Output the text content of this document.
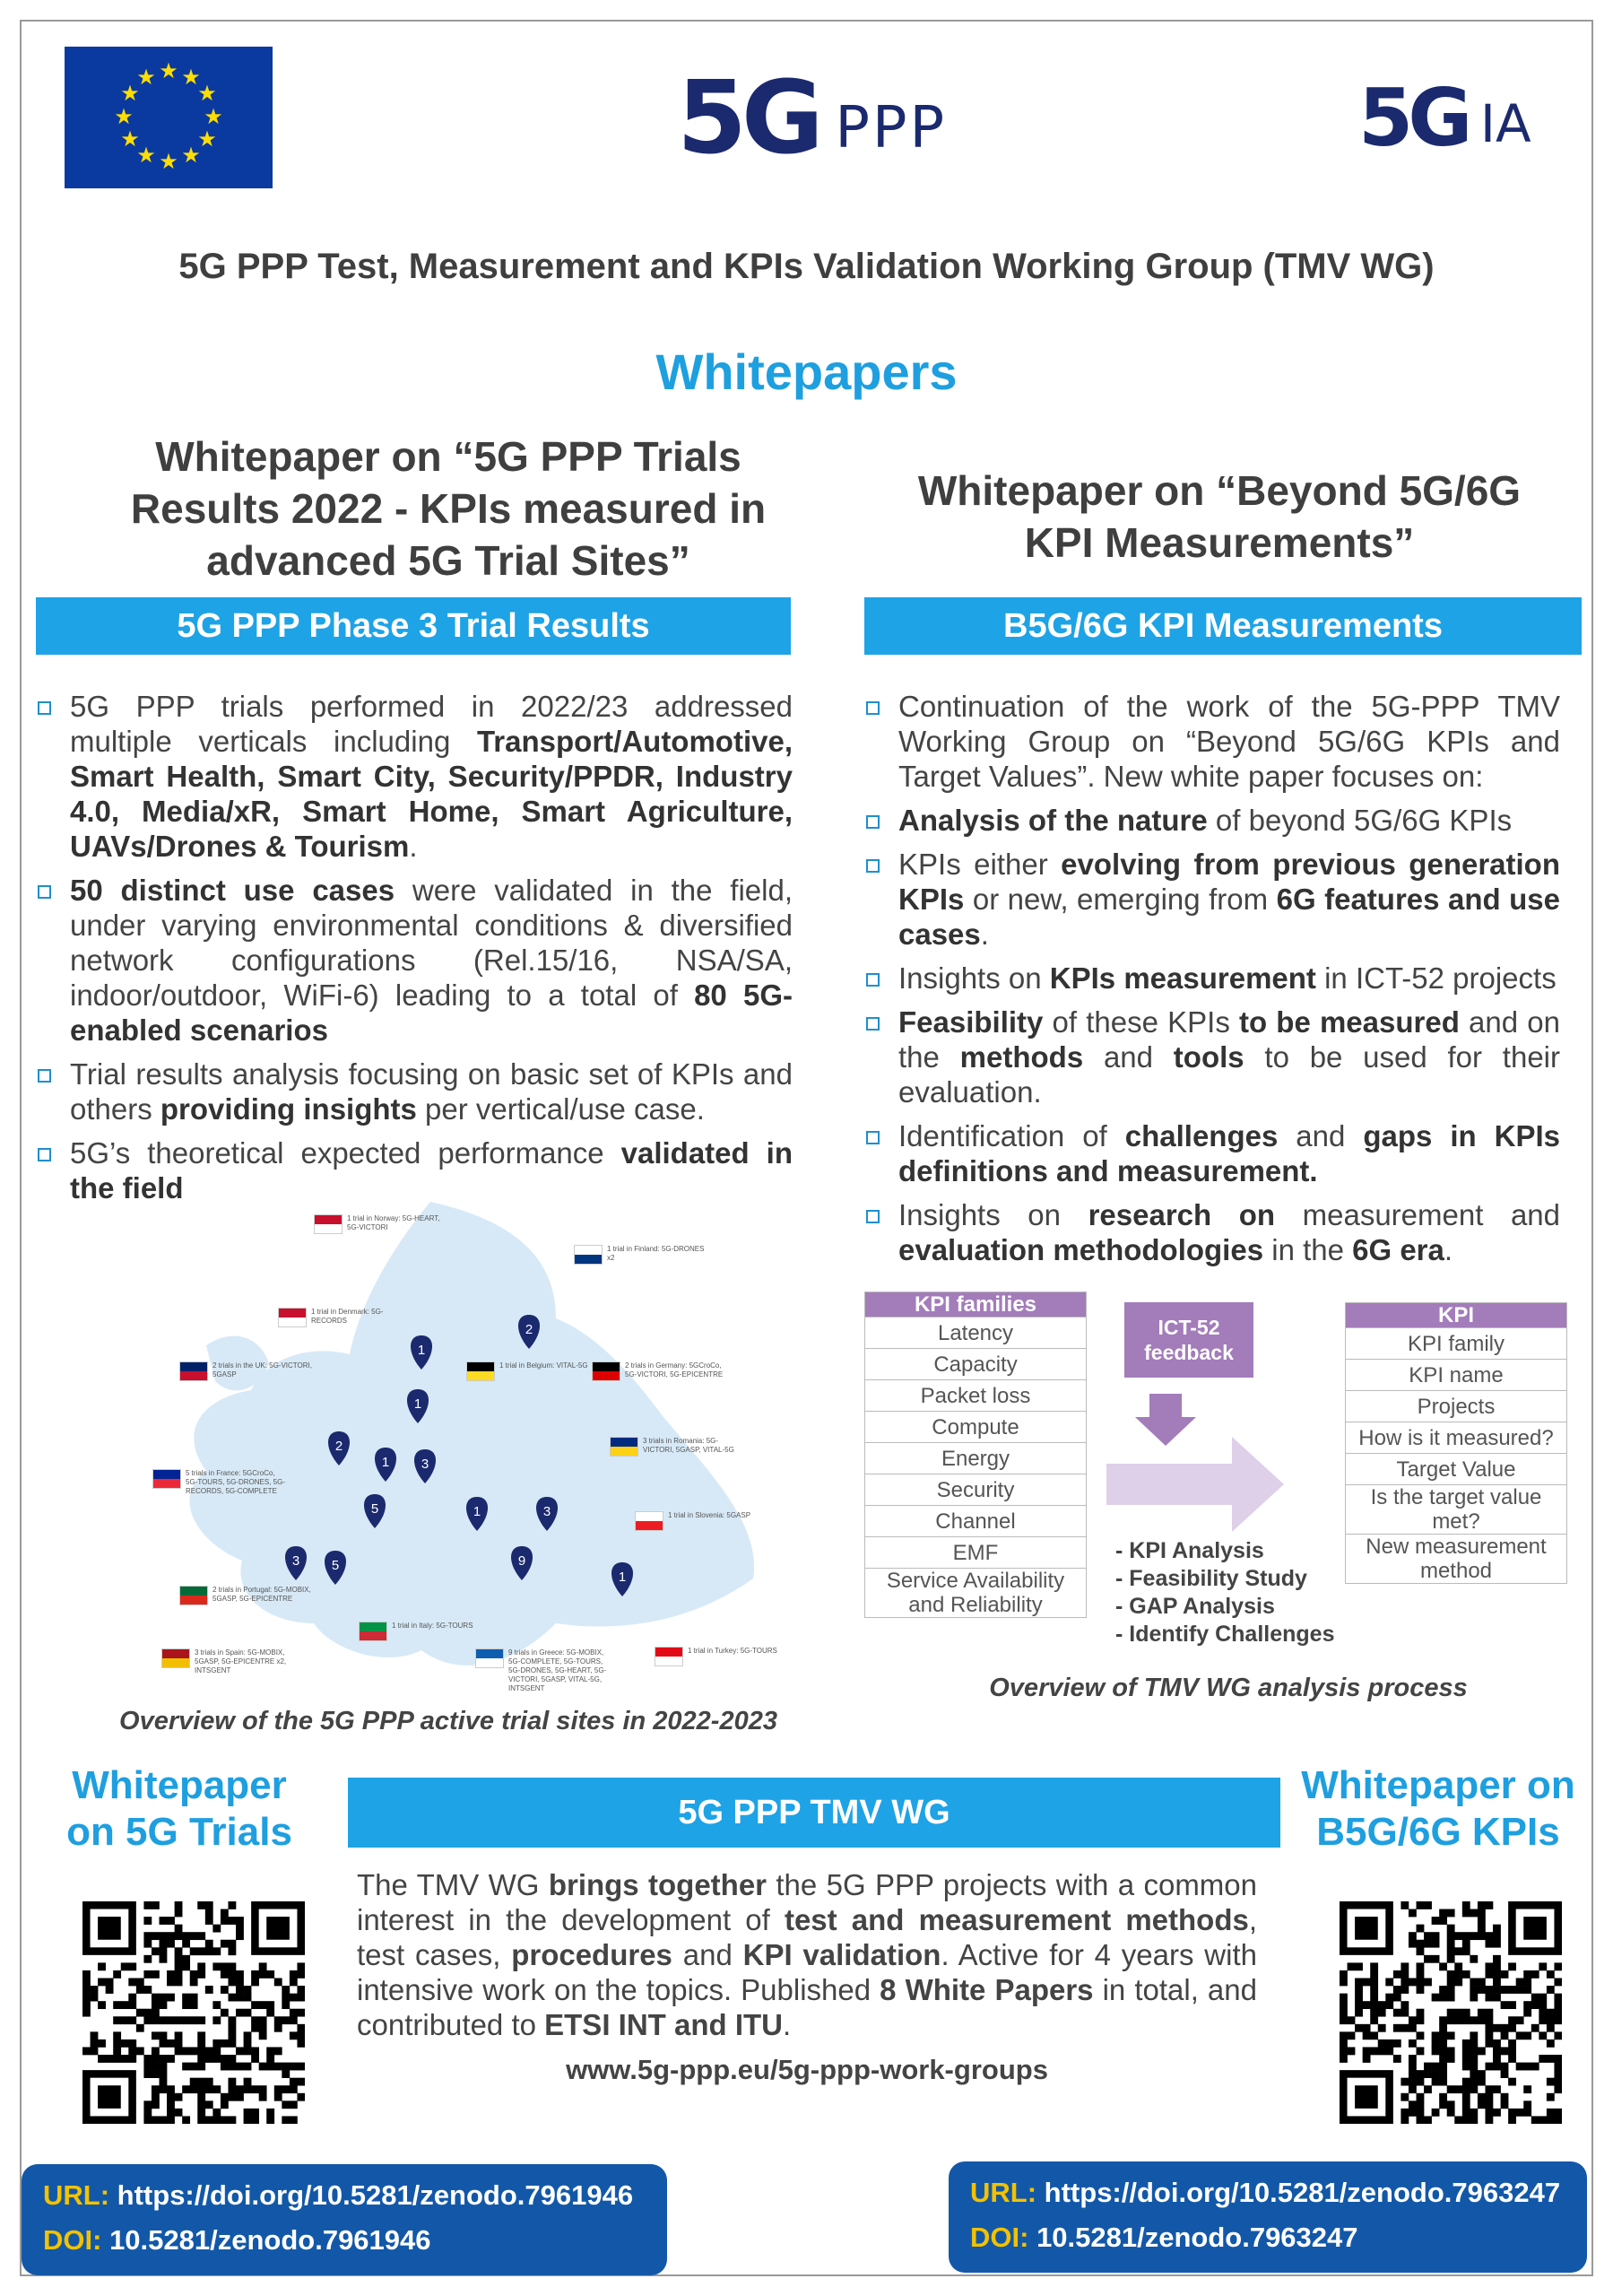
★ ★
★
★
★
★
★
★
★
★
★
★	5G PPP	5G IA
5G PPP Test, Measurement and KPIs Validation Working Group (TMV WG)
Whitepapers
Whitepaper on “5G PPP Trials
Results 2022 - KPIs measured in
advanced 5G Trial Sites”
5G PPP Phase 3 Trial Results
5G PPP trials performed in 2022/23 addressed multiple verticals including Transport/Automotive, Smart Health, Smart City, Security/PPDR, Industry 4.0, Media/xR, Smart Home, Smart Agriculture, UAVs/Drones & Tourism.
50 distinct use cases were validated in the field, under varying environmental conditions & diversified network configurations (Rel.15/16, NSA/SA, indoor/outdoor, WiFi-6) leading to a total of 80 5G-enabled scenarios
Trial results analysis focusing on basic set of KPIs and others providing insights per vertical/use case.
5G’s theoretical expected performance validated in the field
1
2
1
2
1 3
5	1	3
3 5	9
1
1 trial in Norway: 5G-HEART, 5G-VICTORI
1 trial in Finland: 5G-DRONES x2
1 trial in Denmark: 5G-RECORDS
2 trials in the UK: 5G-VICTORI, 5GASP
1 trial in Belgium: VITAL-5G	2 trials in Germany: 5GCroCo, 5G-VICTORI, 5G-EPICENTRE
5 trials in France: 5GCroCo, 5G-TOURS, 5G-DRONES, 5G-RECORDS, 5G-COMPLETE
3 trials in Romania: 5G-VICTORI, 5GASP, VITAL-5G
1 trial in Slovenia: 5GASP
2 trials in Portugal: 5G-MOBIX, 5GASP, 5G-EPICENTRE
1 trial in Italy: 5G-TOURS
3 trials in Spain: 5G-MOBIX, 5GASP, 5G-EPICENTRE x2, INTSGENT
9 trials in Greece: 5G-MOBIX, 5G-COMPLETE, 5G-TOURS, 5G-DRONES, 5G-HEART, 5G-VICTORI, 5GASP, VITAL-5G, INTSGENT
1 trial in Turkey: 5G-TOURS
Overview of the 5G PPP active trial sites in 2022-2023
Whitepaper on “Beyond 5G/6G
KPI Measurements”
B5G/6G KPI Measurements
Continuation of the work of the 5G-PPP TMV Working Group on “Beyond 5G/6G KPIs and Target Values”. New white paper focuses on:
Analysis of the nature of beyond 5G/6G KPIs
KPIs either evolving from previous generation KPIs or new, emerging from 6G features and use cases.
Insights on KPIs measurement in ICT-52 projects
Feasibility of these KPIs to be measured and on the methods and tools to be used for their evaluation.
Identification of challenges and gaps in KPIs definitions and measurement.
Insights on research on measurement and evaluation methodologies in the 6G era.
KPI families
Latency
Capacity
Packet loss
Compute
Energy
Security
Channel
EMF
Service Availability and Reliability
ICT-52 feedback
- KPI Analysis
- Feasibility Study
- GAP Analysis
- Identify Challenges
KPI
KPI family
KPI name
Projects
How is it measured?
Target Value
Is the target value met?
New measurement method
Overview of TMV WG analysis process
Whitepaper
on 5G Trials
Whitepaper on
B5G/6G KPIs
5G PPP TMV WG
The TMV WG brings together the 5G PPP projects with a common interest in the development of test and measurement methods, test cases, procedures and KPI validation. Active for 4 years with intensive work on the topics. Published 8 White Papers in total, and contributed to ETSI INT and ITU.
www.5g-ppp.eu/5g-ppp-work-groups
URL: https://doi.org/10.5281/zenodo.7961946
DOI: 10.5281/zenodo.7961946
URL: https://doi.org/10.5281/zenodo.7963247
DOI: 10.5281/zenodo.7963247
